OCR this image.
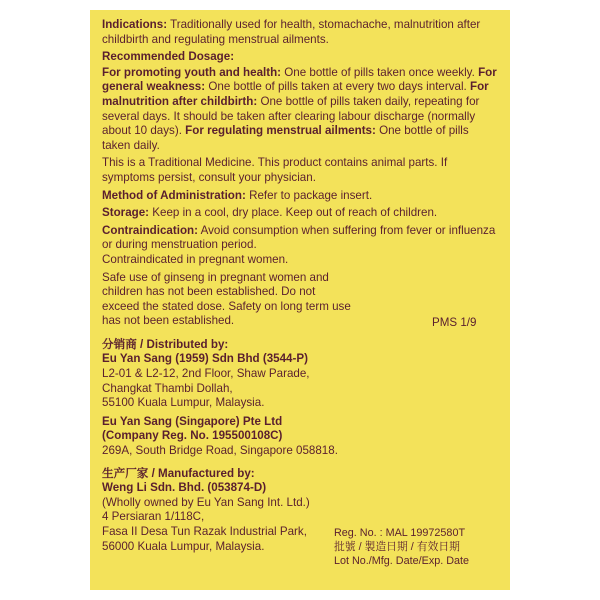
Indications: Traditionally used for health, stomachache, malnutrition after childbirth and regulating menstrual ailments.
Recommended Dosage:
For promoting youth and health: One bottle of pills taken once weekly. For general weakness: One bottle of pills taken at every two days interval. For malnutrition after childbirth: One bottle of pills taken daily, repeating for several days. It should be taken after clearing labour discharge (normally about 10 days). For regulating menstrual ailments: One bottle of pills taken daily.
This is a Traditional Medicine. This product contains animal parts. If symptoms persist, consult your physician.
Method of Administration: Refer to package insert.
Storage: Keep in a cool, dry place. Keep out of reach of children.
Contraindication: Avoid consumption when suffering from fever or influenza or during menstruation period.
Contraindicated in pregnant women.
Safe use of ginseng in pregnant women and children has not been established. Do not exceed the stated dose. Safety on long term use has not been established.	PMS 1/9
分销商 / Distributed by:
Eu Yan Sang (1959) Sdn Bhd (3544-P)
L2-01 & L2-12, 2nd Floor, Shaw Parade,
Changkat Thambi Dollah,
55100 Kuala Lumpur, Malaysia.
Eu Yan Sang (Singapore) Pte Ltd
(Company Reg. No. 195500108C)
269A, South Bridge Road, Singapore 058818.
生产厂家 / Manufactured by:
Weng Li Sdn. Bhd. (053874-D)
(Wholly owned by Eu Yan Sang Int. Ltd.)
4 Persiaran 1/118C,
Fasa II Desa Tun Razak Industrial Park,
56000 Kuala Lumpur, Malaysia.
Reg. No. : MAL 19972580T
批號 / 製造日期 / 有效日期
Lot No./Mfg. Date/Exp. Date
